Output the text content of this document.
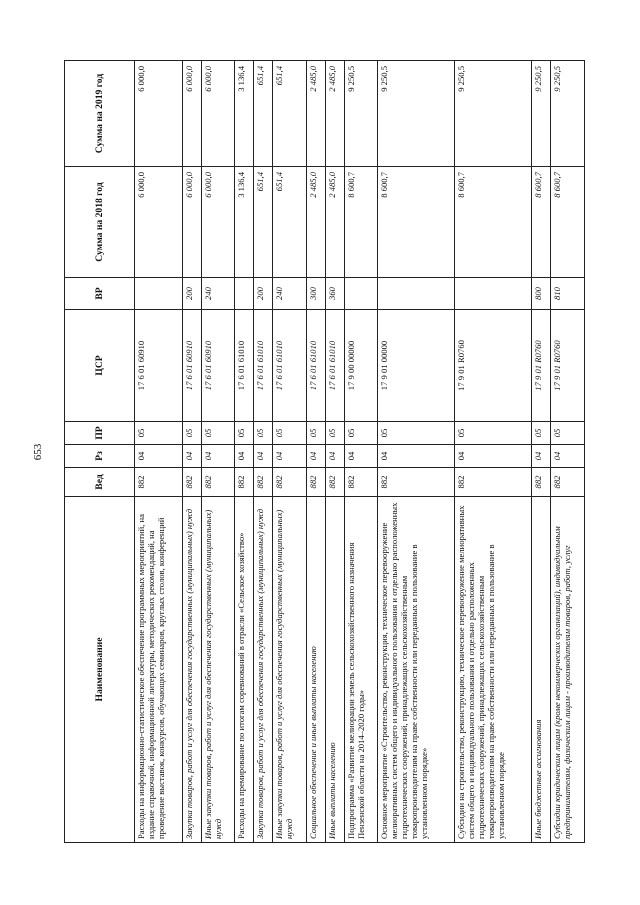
653
Наименование	Вед	Рз	ПР	ЦСР	ВР	Сумма на 2018 год	Сумма на 2019 год
Расходы на информационно-статистическое обеспечение программных мероприятий, на издание справочной, информационной литературы, методических рекомендаций, на проведение выставок, конкурсов, обучающих семинаров, круглых столов, конференций	882	04	05	17 6 01 60910		6 000,0	6 000,0
Закупка товаров, работ и услуг для обеспечения государственных (муниципальных) нужд	882	04	05	17 6 01 60910	200	6 000,0	6 000,0
Иные закупки товаров, работ и услуг для обеспечения государственных (муниципальных) нужд	882	04	05	17 6 01 60910	240	6 000,0	6 000,0
Расходы на премирование по итогам соревнований в отрасли «Сельское хозяйство»	882	04	05	17 6 01 61010		3 136,4	3 136,4
Закупка товаров, работ и услуг для обеспечения государственных (муниципальных) нужд	882	04	05	17 6 01 61010	200	651,4	651,4
Иные закупки товаров, работ и услуг для обеспечения государственных (муниципальных) нужд	882	04	05	17 6 01 61010	240	651,4	651,4
Социальное обеспечение и иные выплаты населению	882	04	05	17 6 01 61010	300	2 485,0	2 485,0
Иные выплаты населению	882	04	05	17 6 01 61010	360	2 485,0	2 485,0
Подпрограмма «Развитие мелиорации земель сельскохозяйственного назначения Пензенской области на 2014–2020 годы»	882	04	05	17 9 00 00000		8 600,7	9 250,5
Основное мероприятие «Строительство, реконструкция, техническое перевооружение мелиоративных систем общего и индивидуального пользования и отдельно расположенных гидротехнических сооружений, принадлежащих сельскохозяйственным товаропроизводителям на праве собственности или переданных в пользование в установленном порядке»	882	04	05	17 9 01 00000		8 600,7	9 250,5
Субсидии на строительство, реконструкцию, техническое перевооружение мелиоративных систем общего и индивидуального пользования и отдельно расположенных гидротехнических сооружений, принадлежащих сельскохозяйственным товаропроизводителям на праве собственности или переданных в пользование в установленном порядке	882	04	05	17 9 01 R0760		8 600,7	9 250,5
Иные бюджетные ассигнования	882	04	05	17 9 01 R0760	800	8 600,7	9 250,5
Субсидии юридическим лицам (кроме некоммерческих организаций), индивидуальным предпринимателям, физическим лицам - производителям товаров, работ, услуг	882	04	05	17 9 01 R0760	810	8 600,7	9 250,5
